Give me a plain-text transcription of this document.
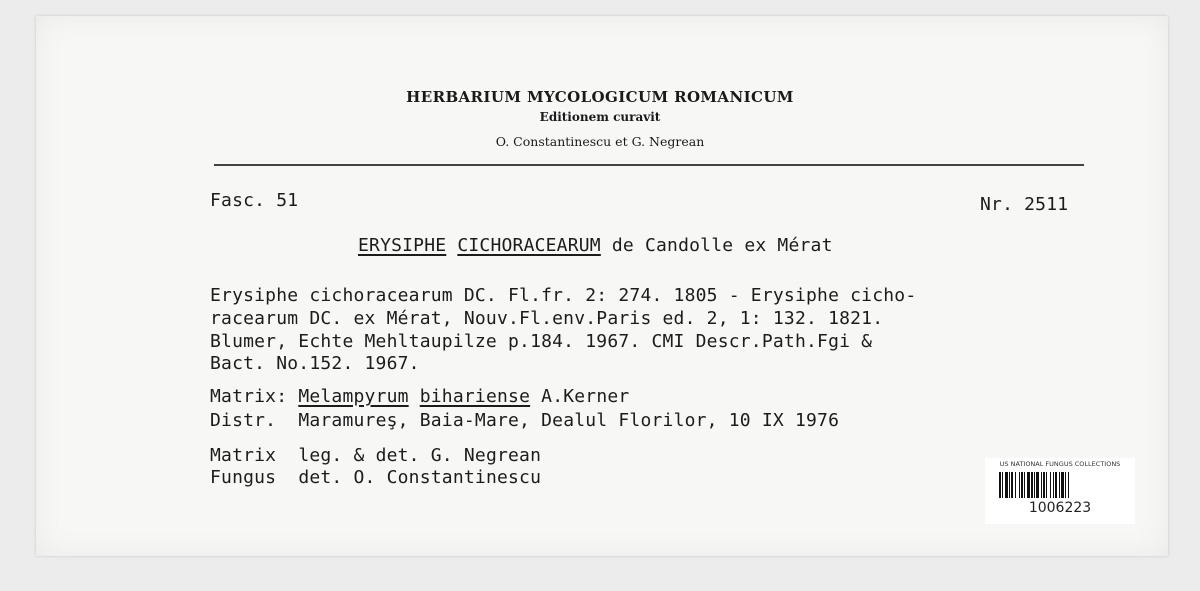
HERBARIUM MYCOLOGICUM ROMANICUM
Editionem curavit
O. Constantinescu et G. Negrean
Fasc. 51	Nr. 2511
ERYSIPHE CICHORACEARUM de Candolle ex Mérat
Erysiphe cichoracearum DC. Fl.fr. 2: 274. 1805 - Erysiphe cicho-
racearum DC. ex Mérat, Nouv.Fl.env.Paris ed. 2, 1: 132. 1821.
Blumer, Echte Mehltaupilze p.184. 1967. CMI Descr.Path.Fgi &
Bact. No.152. 1967.
Matrix: Melampyrum bihariense A.Kerner
Distr. Maramureş, Baia-Mare, Dealul Florilor, 10 IX 1976
Matrix leg. & det. G. Negrean
Fungus det. O. Constantinescu
US NATIONAL FUNGUS COLLECTIONS
1006223
